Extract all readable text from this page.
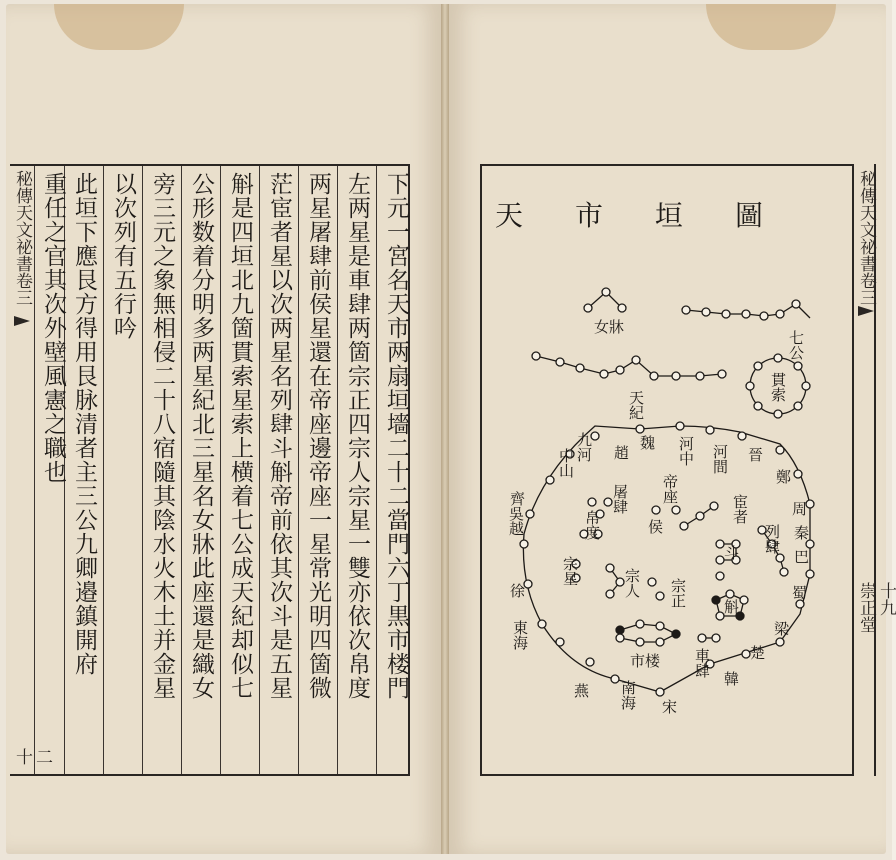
秘傳天文祕書卷三
二十
下元一宮名天市两扇垣墻二十二當門六丁黒市楼門
左两星是車肆两箇宗正四宗人宗星一雙亦依次帛度
两星屠肆前侯星還在帝座邊帝座一星常光明四箇微
茫宦者星以次两星名列肆斗斛帝前依其次斗是五星
斛是四垣北九箇貫索星索上横着七公成天紀却似七
公形数着分明多两星紀北三星名女牀此座還是織女
旁三元之象無相侵二十八宿隨其陰水火木土并金星
以次列有五行吟
此垣下應艮方得用艮脉清者主三公九卿邉鎮開府
重任之官其次外壁風憲之職也	秘傳天文祕書卷三
十九
崇正堂
天市垣圖
女牀
七公
天紀
貫索
魏
趙
九河
中山	河中 河間 晉
鄭
周
秦
巴
蜀
梁
楚
韓
齊
吳越
徐
東海
燕 南海 宋
屠肆
帛度	侯
帝座
宦者
斗 列肆
斛
宗星	宗人 宗正
市楼 車肆
